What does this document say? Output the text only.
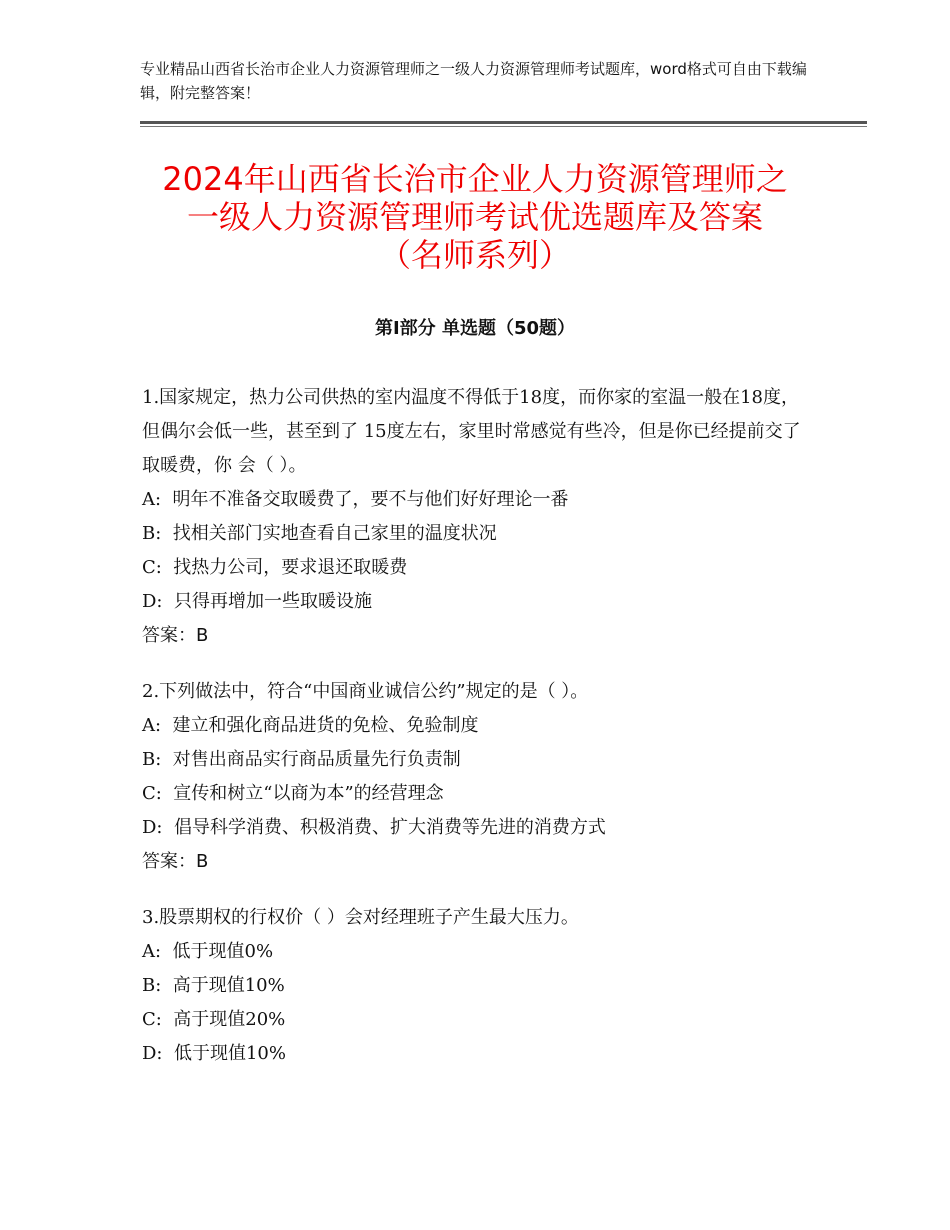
专业精品山西省长治市企业人力资源管理师之一级人力资源管理师考试题库，word格式可自由下载编辑，附完整答案！
2024年山西省长治市企业人力资源管理师之
一级人力资源管理师考试优选题库及答案
（名师系列）
第Ⅰ部分 单选题（50题）
1.国家规定，热力公司供热的室内温度不得低于18度，而你家的室温一般在18度，但偶尔会低一些，甚至到了 15度左右，家里时常感觉有些冷，但是你已经提前交了取暖费，你 会（ ）。
A:  明年不准备交取暖费了，要不与他们好好理论一番
B:  找相关部门实地查看自己家里的温度状况
C:  找热力公司，要求退还取暖费
D:  只得再增加一些取暖设施
答案：B
2.下列做法中，符合“中国商业诚信公约”规定的是（ ）。
A:  建立和强化商品进货的免检、免验制度
B:  对售出商品实行商品质量先行负责制
C:  宣传和树立“以商为本”的经营理念
D:  倡导科学消费、积极消费、扩大消费等先进的消费方式
答案：B
3.股票期权的行权价（ ）会对经理班子产生最大压力。
A:  低于现值0%
B:  高于现值10%
C:  高于现值20%
D:  低于现值10%
